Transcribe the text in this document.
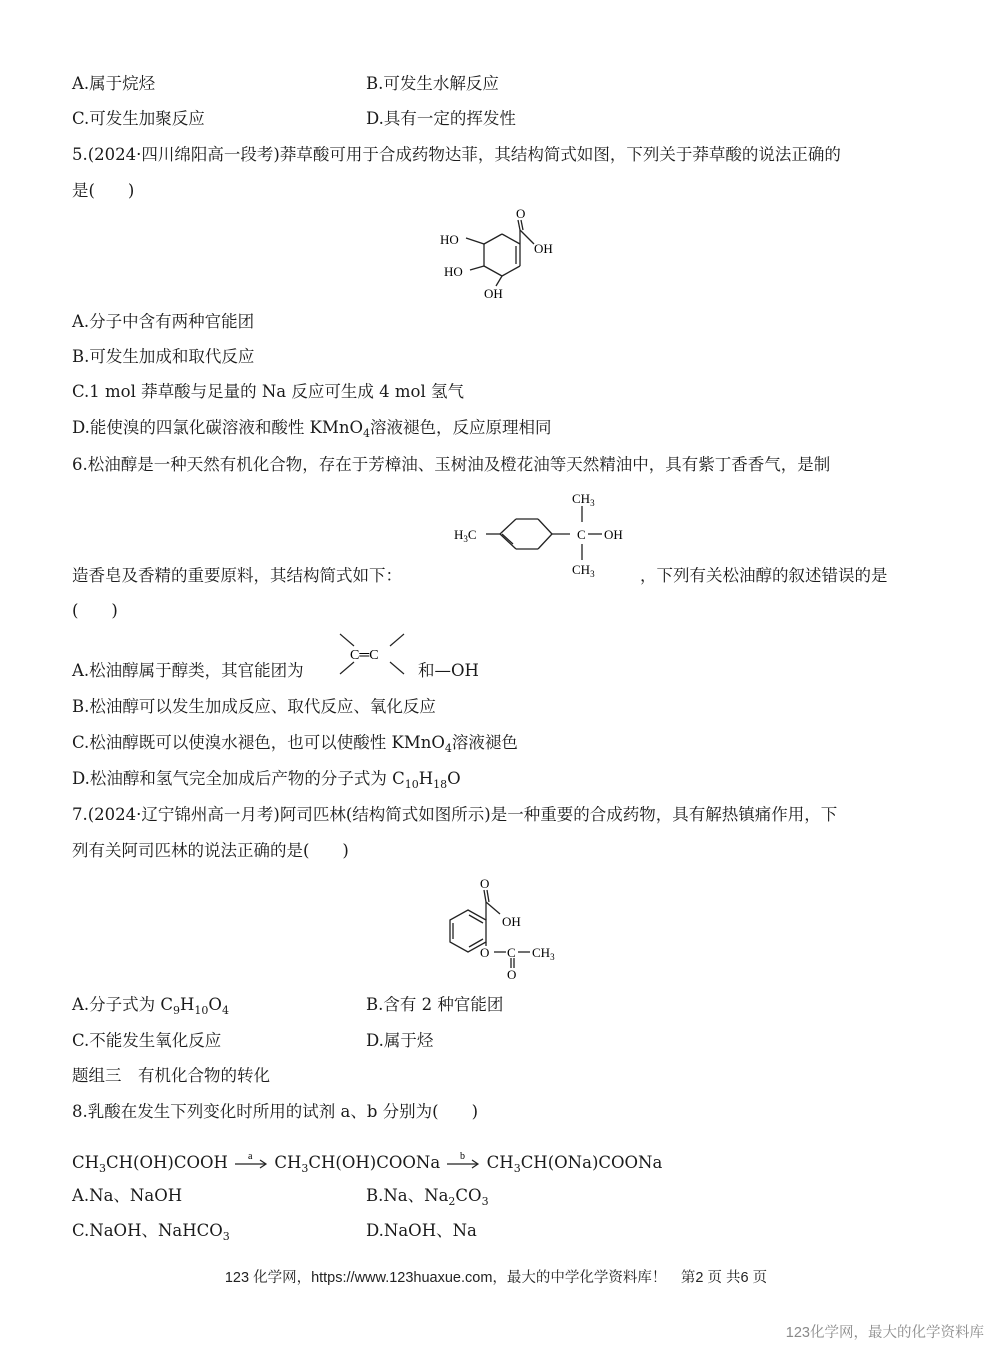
A.属于烷烃	B.可发生水解反应
C.可发生加聚反应	D.具有一定的挥发性
5.(2024·四川绵阳高一段考)莽草酸可用于合成药物达菲，其结构简式如图，下列关于莽草酸的说法正确的
是(　　)
O
OH
HO
HO
OH
A.分子中含有两种官能团
B.可发生加成和取代反应
C.1 mol 莽草酸与足量的 Na 反应可生成 4 mol 氢气
D.能使溴的四氯化碳溶液和酸性 KMnO$_4$溶液褪色，反应原理相同
6.松油醇是一种天然有机化合物，存在于芳樟油、玉树油及橙花油等天然精油中，具有紫丁香香气，是制
$H_3C$	C
$CH_3$
$CH_3$
OH
造香皂及香精的重要原料，其结构简式如下：	，下列有关松油醇的叙述错误的是
(　　)
A.松油醇属于醇类，其官能团为
C═C
和—OH
B.松油醇可以发生加成反应、取代反应、氧化反应
C.松油醇既可以使溴水褪色，也可以使酸性 KMnO$_4$溶液褪色
D.松油醇和氢气完全加成后产物的分子式为 $C_{10}H_{18}O$
7.(2024·辽宁锦州高一月考)阿司匹林(结构简式如图所示)是一种重要的合成药物，具有解热镇痛作用，下
列有关阿司匹林的说法正确的是(　　)
O
OH
O C $CH_3$
O
A.分子式为 $C_9H_{10}O_4$	B.含有 2 种官能团
C.不能发生氧化反应	D.属于烃
题组三　有机化合物的转化
8.乳酸在发生下列变化时所用的试剂 a、b 分别为(　　)
$CH_3CH(OH)COOH$ a $CH_3CH(OH)COONa$ b $CH_3CH(ONa)COONa$
A.Na、NaOH	B.Na、$Na_2CO_3$
C.NaOH、NaHCO$_3$	D.NaOH、Na
123 化学网，https://www.123huaxue.com，最大的中学化学资料库！　第2 页 共6 页
123化学网，最大的化学资料库
